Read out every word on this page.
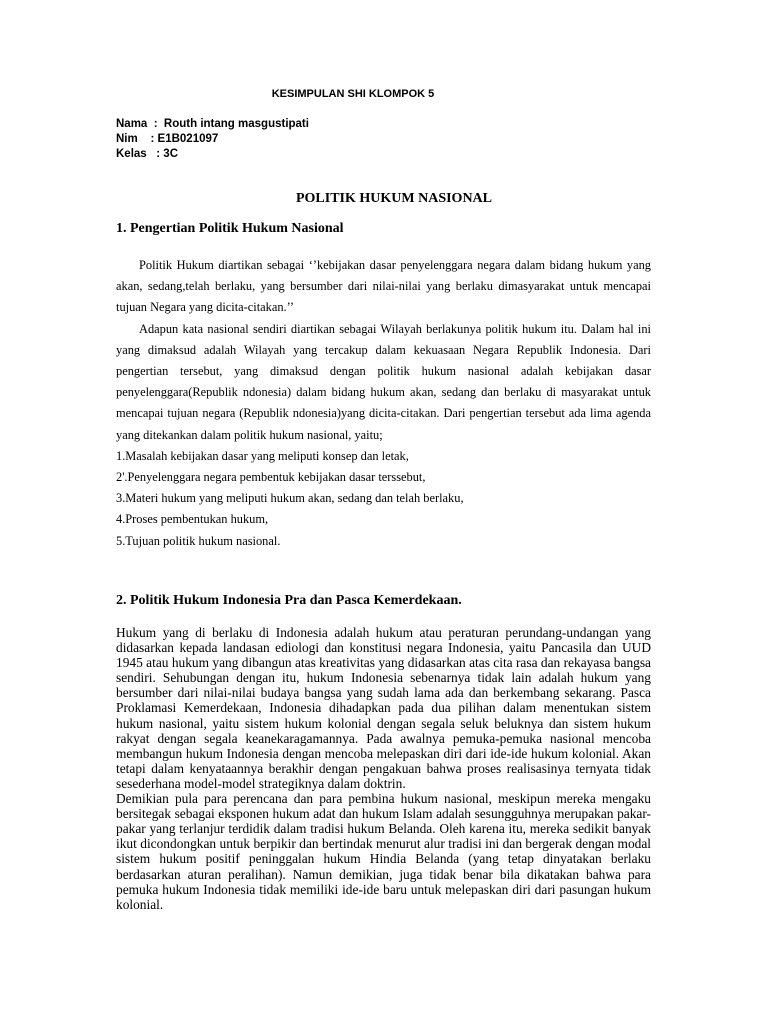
KESIMPULAN SHI KLOMPOK 5
Nama  :  Routh intang masgustipati
Nim    : E1B021097
Kelas   : 3C
POLITIK HUKUM NASIONAL
1. Pengertian Politik Hukum Nasional

Politik Hukum diartikan sebagai ‘’kebijakan dasar penyelenggara negara dalam bidang hukum yang akan, sedang,telah berlaku, yang bersumber dari nilai-nilai yang berlaku dimasyarakat untuk mencapai tujuan Negara yang dicita-citakan.’’

Adapun kata nasional sendiri diartikan sebagai Wilayah berlakunya politik hukum itu. Dalam hal ini yang dimaksud adalah Wilayah yang tercakup dalam kekuasaan Negara Republik Indonesia. Dari pengertian tersebut, yang dimaksud dengan politik hukum nasional adalah kebijakan dasar penyelenggara(Republik ndonesia) dalam bidang hukum akan, sedang dan berlaku di masyarakat untuk mencapai tujuan negara (Republik ndonesia)yang dicita-citakan. Dari pengertian tersebut ada lima agenda yang ditekankan dalam politik hukum nasional, yaitu;

1.Masalah kebijakan dasar yang meliputi konsep dan letak,
2'.Penyelenggara negara pembentuk kebijakan dasar terssebut,
3.Materi hukum yang meliputi hukum akan, sedang dan telah berlaku,
4.Proses pembentukan hukum,
5.Tujuan politik hukum nasional.
2. Politik Hukum Indonesia Pra dan Pasca Kemerdekaan.

Hukum yang di berlaku di Indonesia adalah hukum atau peraturan perundang-undangan yang didasarkan kepada landasan ediologi dan konstitusi negara Indonesia, yaitu Pancasila dan UUD 1945 atau hukum yang dibangun atas kreativitas yang didasarkan atas cita rasa dan rekayasa bangsa sendiri. Sehubungan dengan itu, hukum Indonesia sebenarnya tidak lain adalah hukum yang bersumber dari nilai-nilai budaya bangsa yang sudah lama ada dan berkembang sekarang. Pasca Proklamasi Kemerdekaan, Indonesia dihadapkan pada dua pilihan dalam menentukan sistem hukum nasional, yaitu sistem hukum kolonial dengan segala seluk beluknya dan sistem hukum rakyat dengan segala keanekaragamannya. Pada awalnya pemuka-pemuka nasional mencoba membangun hukum Indonesia dengan mencoba melepaskan diri dari ide-ide hukum kolonial. Akan tetapi dalam kenyataannya berakhir dengan pengakuan bahwa proses realisasinya ternyata tidak sesederhana model-model strategiknya dalam doktrin.

Demikian pula para perencana dan para pembina hukum nasional, meskipun mereka mengaku bersitegak sebagai eksponen hukum adat dan hukum Islam adalah sesungguhnya merupakan pakar-pakar yang terlanjur terdidik dalam tradisi hukum Belanda. Oleh karena itu, mereka sedikit banyak ikut dicondongkan untuk berpikir dan bertindak menurut alur tradisi ini dan bergerak dengan modal sistem hukum positif peninggalan hukum Hindia Belanda (yang tetap dinyatakan berlaku berdasarkan aturan peralihan). Namun demikian, juga tidak benar bila dikatakan bahwa para pemuka hukum Indonesia tidak memiliki ide-ide baru untuk melepaskan diri dari pasungan hukum kolonial.
